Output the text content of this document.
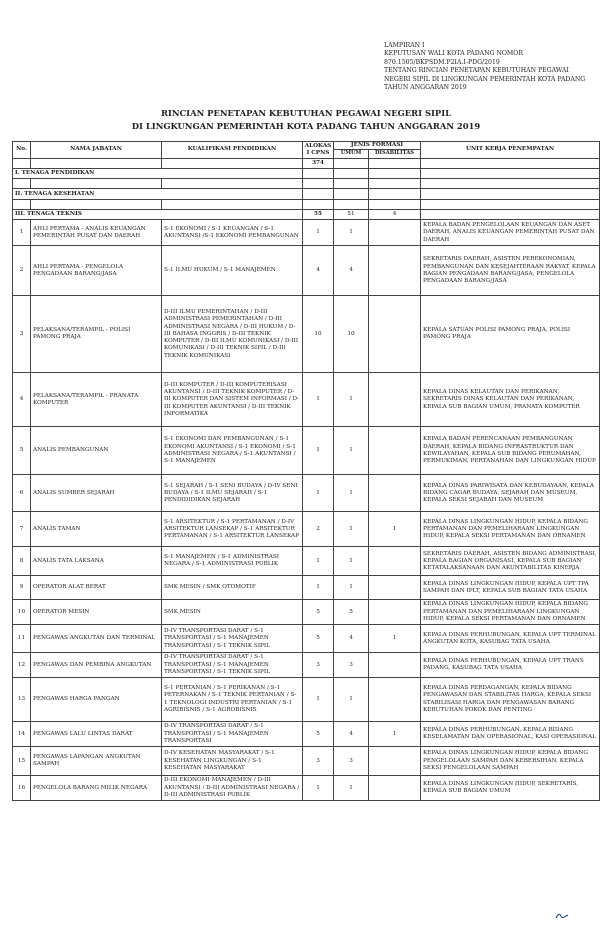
LAMPIRAN I
KEPUTUSAN WALI KOTA PADANG NOMOR
870.1505/BKPSDM.P2IA.I-PDG/2019
TENTANG RINCIAN PENETAPAN KEBUTUHAN PEGAWAI
NEGERI SIPIL DI LINGKUNGAN PEMERINTAH KOTA PADANG
TAHUN ANGGARAN 2019
RINCIAN PENETAPAN KEBUTUHAN PEGAWAI NEGERI SIPIL
DI LINGKUNGAN PEMERINTAH KOTA PADANG TAHUN ANGGARAN 2019
No.	NAMA JABATAN	KUALIFIKASI PENDIDIKAN	ALOKASI CPNS	JENIS FORMASI		UNIT KERJA PENEMPATAN
				UMUM	DISABILITAS	
			374			
I. TENAGA PENDIDIKAN						

II. TENAGA KESEHATAN						

III. TENAGA TEKNIS			55	51	4	
1	AHLI PERTAMA - ANALIS KEUANGAN PEMERINTAH PUSAT DAN DAERAH	S-1 EKONOMI / S-1 KEUANGAN / S-1 AKUNTANSI /S-1 EKONOMI PEMBANGUNAN	1	1		KEPALA BADAN PENGELOLAAN KEUANGAN DAN ASET DAERAH, ANALIS KEUANGAN PEMERINTAH PUSAT DAN DAERAH
2	AHLI PERTAMA - PENGELOLA PENGADAAN BARANG/JASA	S-1 ILMU HUKUM / S-1 MANAJEMEN	4	4		SEKRETARIS DAERAH, ASISTEN PEREKONOMIAN, PEMBANGUNAN DAN KESEJAHTERAAN RAKYAT, KEPALA BAGIAN PENGADAAN BARANG/JASA, PENGELOLA PENGADAAN BARANG/JASA
3	PELAKSANA/TERAMPIL - POLISI PAMONG PRAJA	D-III ILMU PEMERINTAHAN / D-III ADMINISTRASI PEMERINTAHAN / D-III ADMINISTRASI NEGARA / D-III HUKUM / D-III BAHASA INGGRIS / D-III TEKNIK KOMPUTER / D-III ILMU KOMUNIKASI / D-III KOMUNIKASI / D-III TEKNIK SIPIL / D-III TEKNIK KOMUNIKASI	10	10		KEPALA SATUAN POLISI PAMONG PRAJA, POLISI PAMONG PRAJA
4	PELAKSANA/TERAMPIL - PRANATA KOMPUTER	D-III KOMPUTER / D-III KOMPUTERISASI AKUNTANSI / D-III TEKNIK KOMPUTER / D-III KOMPUTER DAN SISTEM INFORMASI / D-III KOMPUTER AKUNTANSI / D-III TEKNIK INFORMATIKA	1	1		KEPALA DINAS KELAUTAN DAN PERIKANAN, SEKRETARIS DINAS KELAUTAN DAN PERIKANAN, KEPALA SUB BAGIAN UMUM, PRANATA KOMPUTER
5	ANALIS PEMBANGUNAN	S-1 EKONOMI DAN PEMBANGUNAN / S-1 EKONOMI AKUNTANSI / S-1 EKONOMI / S-1 ADMINISTRASI NEGARA / S-1 AKUNTANSI / S-1 MANAJEMEN	1	1		KEPALA BADAN PERENCANAAN PEMBANGUNAN DAERAH, KEPALA BIDANG INFRASTRUKTUR DAN KEWILAYAHAN, KEPALA SUB BIDANG PERUMAHAN, PERMUKIMAN, PERTANAHAN DAN LINGKUNGAN HIDUP
6	ANALIS SUMBER SEJARAH	S-1 SEJARAH / S-1 SENI BUDAYA / D-IV SENI BUDAYA / S-1 ILMU SEJARAH / S-1 PENDIDIDIKAN SEJARAH	1	1		KEPALA DINAS PARIWISATA DAN KEBUDAYAAN, KEPALA BIDANG CAGAR BUDAYA, SEJARAH DAN MUSEUM, KEPALA SEKSI SEJARAH DAN MUSEUM
7	ANALIS TAMAN	S-1 ARSITEKTUR / S-1 PERTAMANAN / D-IV ARSITEKTUR LANSEKAP / S-1 ARSITEKTUR PERTAMANAN / S-1 ARSITEKTUR LANSEKAP	2	1	1	KEPALA DINAS LINGKUNGAN HIDUP, KEPALA BIDANG PERTAMANAN DAN PEMELIHARAAN LINGKUNGAN HIDUP, KEPALA SEKSI PERTAMANAN DAN ORNAMEN
8	ANALIS TATA LAKSANA	S-1 MANAJEMEN / S-1 ADMINISTRASI NEGARA / S-1 ADMINISTRASI PUBLIK	1	1		SEKRETARIS DAERAH, ASISTEN BIDANG ADMINISTRASI, KEPALA BAGIAN ORGANISASI, KEPALA SUB BAGIAN KETATALAKSANAAN DAN AKUNTABILITAS KINERJA
9	OPERATOR ALAT BERAT	SMK MESIN / SMK OTOMOTIF	1	1		KEPALA DINAS LINGKUNGAN HIDUP, KEPALA UPT TPA SAMPAH DAN IPLT, KEPALA SUB BAGIAN TATA USAHA
10	OPERATOR MESIN	SMK MESIN	5	5		KEPALA DINAS LINGKUNGAN HIDUP, KEPALA BIDANG PERTAMANAN DAN PEMELIHARAAN LINGKUNGAN HIDUP, KEPALA SEKSI PERTAMANAN DAN ORNAMEN
11	PENGAWAS ANGKUTAN DAN TERMINAL	D-IV TRANSPORTASI DARAT / S-1 TRANSPORTASI / S-1 MANAJEMEN TRANSPORTASI / S-1 TEKNIK SIPIL	5	4	1	KEPALA DINAS PERHUBUNGAN, KEPALA UPT TERMINAL ANGKUTAN KOTA, KASUBAG TATA USAHA
12	PENGAWAS DAN PEMBINA ANGKUTAN	D-IV TRANSPORTASI DARAT / S-1 TRANSPORTASI / S-1 MANAJEMEN TRANSPORTASI / S-1 TEKNIK SIPIL	3	3		KEPALA DINAS PERHUBUNGAN, KEPALA UPT TRANS PADANG, KASUBAG TATA USAHA
13	PENGAWAS HARGA PANGAN	S-1 PERTANIAN / S-1 PERIKANAN / S-1 PETERNAKAN / S-1 TEKNIK PERTANIAN / S-1 TEKNOLOGI INDUSTRI PERTANIAN / S-1 AGRIBISNIS / S-1 AGROBISNIS	1	1		KEPALA DINAS PERDAGANGAN, KEPALA BIDANG PENGAWASAN DAN STABILITAS HARGA, KEPALA SEKSI STABILISASI HARGA DAN PENGAWASAN BARANG KEBUTUHAN POKOK DAN PENTING
14	PENGAWAS LALU LINTAS DARAT	D-IV TRANSPORTASI DARAT / S-1 TRANSPORTASI / S-1 MANAJEMEN TRANSPORTASI	5	4	1	KEPALA DINAS PERHUBUNGAN, KEPALA BIDANG KESELAMATAN DAN OPERASIONAL, KASI OPERASIONAL
15	PENGAWAS LAPANGAN ANGKUTAN SAMPAH	D-IV KESEHATAN MASYARAKAT / S-1 KESEHATAN LINGKUNGAN / S-1 KESEHATAN MASYARAKAT	3	3		KEPALA DINAS LINGKUNGAN HIDUP, KEPALA BIDANG PENGELOLAAN SAMPAH DAN KEBERSIHAN, KEPALA SEKSI PENGELOLAAN SAMPAH
16	PENGELOLA BARANG MILIK NEGARA	D-III EKONOMI MANAJEMEN / D-III AKUNTANSI / D-III ADMINISTRASI NEGARA / D-III ADMINISTRASI PUBLIK	1	1		KEPALA DINAS LINGKUNGAN HIDUP, SEKRETARIS, KEPALA SUB BAGIAN UMUM
